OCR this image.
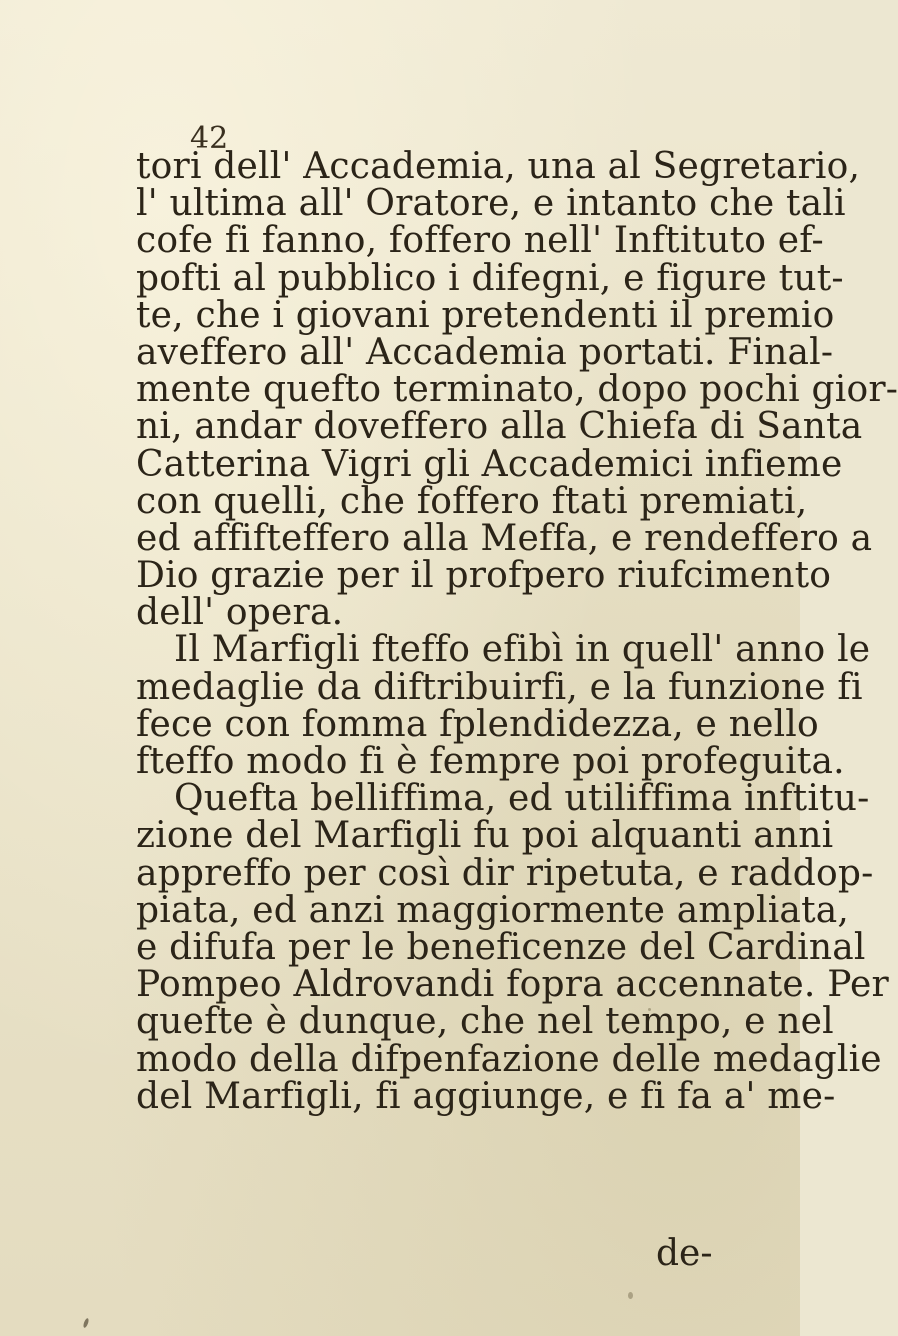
42
tori dell' Accademia, una al Segretario,
l' ultima all' Oratore, e intanto che tali
cofe fi fanno, foffero nell' Inftituto ef-
pofti al pubblico i difegni, e figure tut-
te, che i giovani pretendenti il premio
aveffero all' Accademia portati. Final-
mente quefto terminato, dopo pochi gior-
ni, andar doveffero alla Chiefa di Santa
Catterina Vigri gli Accademici infieme
con quelli, che foffero ftati premiati,
ed affifteffero alla Meffa, e rendeffero a
Dio grazie per il profpero riufcimento
dell' opera.
Il Marfigli fteffo efibì in quell' anno le
medaglie da diftribuirfi, e la funzione fi
fece con fomma fplendidezza, e nello
fteffo modo fi è fempre poi profeguita.
Quefta belliffima, ed utiliffima inftitu-
zione del Marfigli fu poi alquanti anni
appreffo per così dir ripetuta, e raddop-
piata, ed anzi maggiormente ampliata,
e difufa per le beneficenze del Cardinal
Pompeo Aldrovandi fopra accennate. Per
quefte è dunque, che nel tempo, e nel
modo della difpenfazione delle medaglie
del Marfigli, fi aggiunge, e fi fa a' me-
de-
